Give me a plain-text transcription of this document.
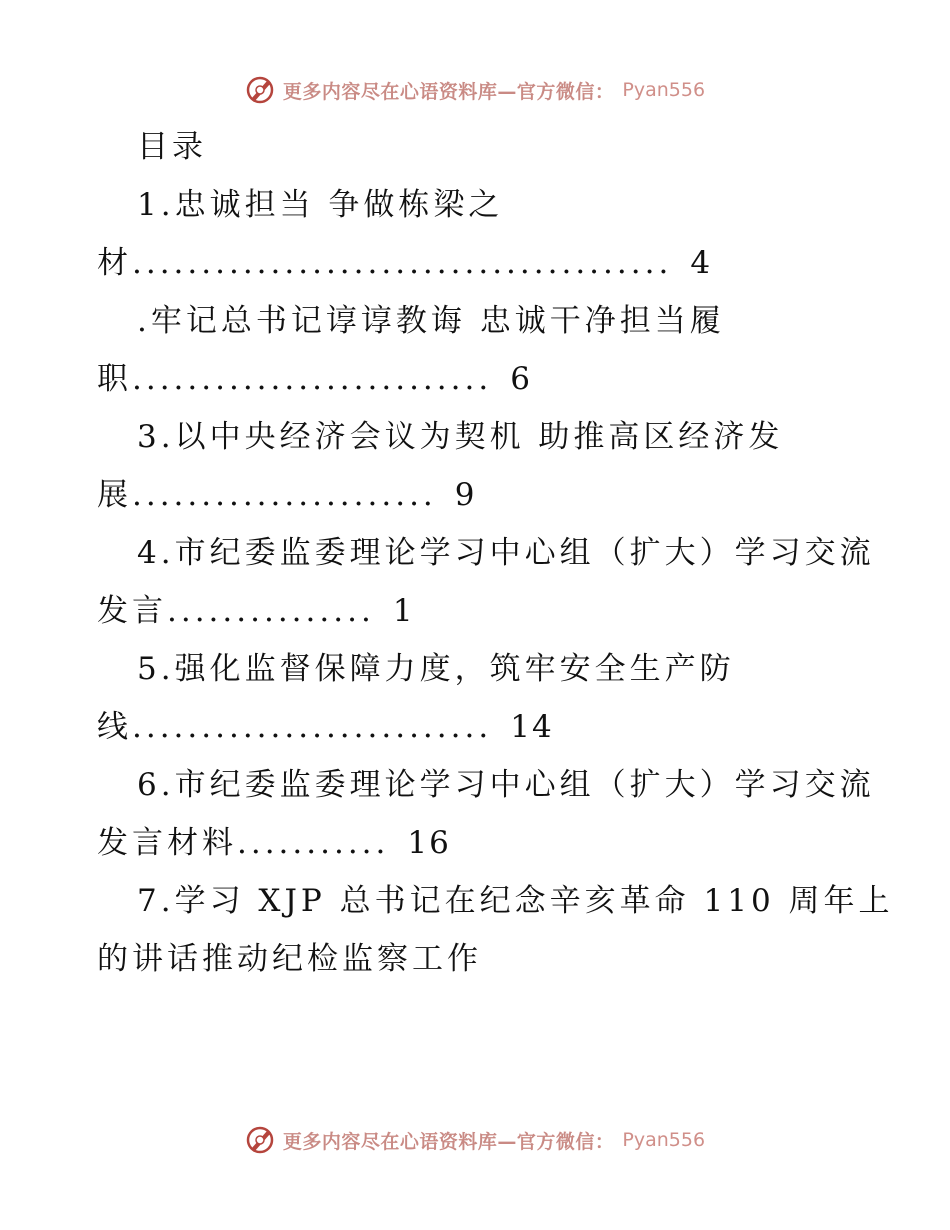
更多内容尽在心语资料库—官方微信： Pyan556
目录
1.忠诚担当 争做栋梁之
材....................................... 4
.牢记总书记谆谆教诲 忠诚干净担当履
职.......................... 6
3.以中央经济会议为契机 助推高区经济发
展...................... 9
4.市纪委监委理论学习中心组（扩大）学习交流
发言............... 1
5.强化监督保障力度，筑牢安全生产防
线.......................... 14
6.市纪委监委理论学习中心组（扩大）学习交流
发言材料........... 16
7.学习 XJP 总书记在纪念辛亥革命 110 周年上
的讲话推动纪检监察工作
更多内容尽在心语资料库—官方微信： Pyan556
